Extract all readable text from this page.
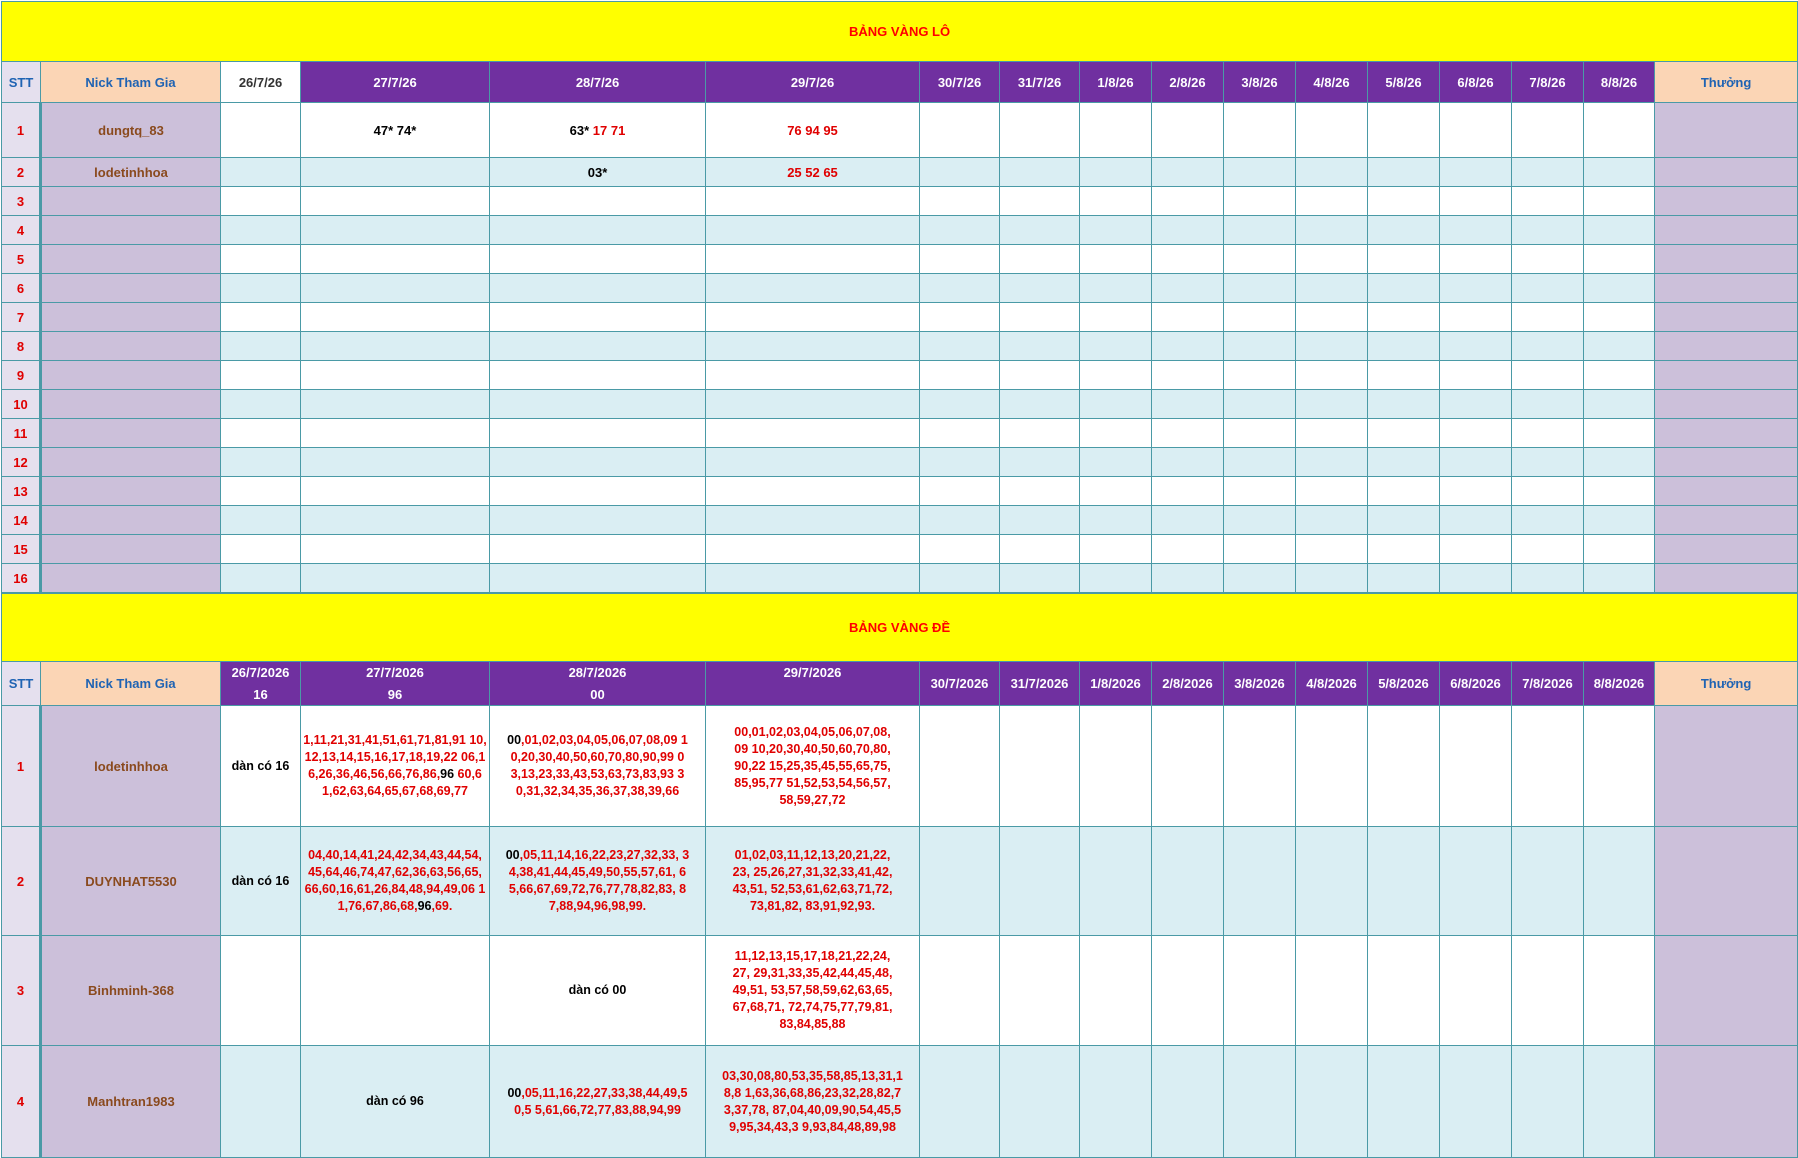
BẢNG VÀNG LÔ																
STT	Nick Tham Gia	26/7/26	27/7/26	28/7/26	29/7/26	30/7/26	31/7/26	1/8/26	2/8/26	3/8/26	4/8/26	5/8/26	6/8/26	7/8/26	8/8/26	Thưởng
1	dungtq_83		47* 74*	63* 17 71	76 94 95											
2	lodetinhhoa			03*	25 52 65											
3																
4																
5																
6																
7																
8																
9																
10																
11																
12																
13																
14																
15																
16																
BẢNG VÀNG ĐỀ																
STT	Nick Tham Gia	26/7/2026	27/7/2026	28/7/2026	29/7/2026	30/7/2026	31/7/2026	1/8/2026	2/8/2026	3/8/2026	4/8/2026	5/8/2026	6/8/2026	7/8/2026	8/8/2026	Thưởng
		16	96	00												
1	lodetinhhoa	dàn có 16	1,11,21,31,41,51,61,71,81,91 10,12,13,14,15,16,17,18,19,22 06,16,26,36,46,56,66,76,86,96 60,61,62,63,64,65,67,68,69,77	00,01,02,03,04,05,06,07,08,09 10,20,30,40,50,60,70,80,90,99 03,13,23,33,43,53,63,73,83,93 30,31,32,34,35,36,37,38,39,66	00,01,02,03,04,05,06,07,08,09 10,20,30,40,50,60,70,80,90,22 15,25,35,45,55,65,75,85,95,77 51,52,53,54,56,57,58,59,27,72											
2	DUYNHAT5530	dàn có 16	04,40,14,41,24,42,34,43,44,54, 45,64,46,74,47,62,36,63,56,65, 66,60,16,61,26,84,48,94,49,06 11,76,67,86,68,96,69.	00,05,11,14,16,22,23,27,32,33, 34,38,41,44,45,49,50,55,57,61, 65,66,67,69,72,76,77,78,82,83, 87,88,94,96,98,99.	01,02,03,11,12,13,20,21,22,23, 25,26,27,31,32,33,41,42,43,51, 52,53,61,62,63,71,72,73,81,82, 83,91,92,93.											
3	Binhminh-368			dàn có 00	11,12,13,15,17,18,21,22,24,27, 29,31,33,35,42,44,45,48,49,51, 53,57,58,59,62,63,65,67,68,71, 72,74,75,77,79,81,83,84,85,88											
4	Manhtran1983		dàn có 96	00,05,11,16,22,27,33,38,44,49,50,5 5,61,66,72,77,83,88,94,99	03,30,08,80,53,35,58,85,13,31,18,8 1,63,36,68,86,23,32,28,82,73,37,78, 87,04,40,09,90,54,45,59,95,34,43,3 9,93,84,48,89,98											
